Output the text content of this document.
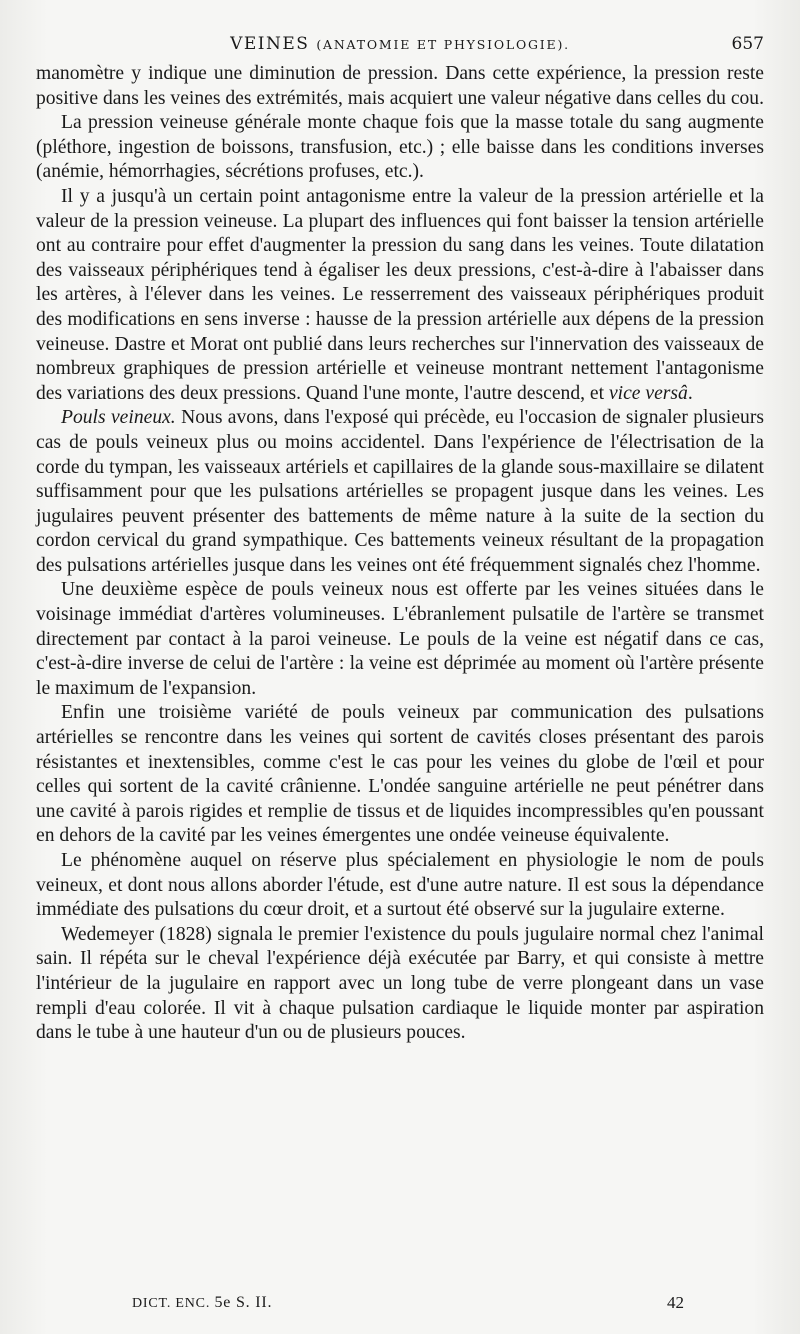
VEINES (ANATOMIE ET PHYSIOLOGIE).	657

manomètre y indique une diminution de pression. Dans cette expérience, la pression reste positive dans les veines des extrémités, mais acquiert une valeur négative dans celles du cou.

La pression veineuse générale monte chaque fois que la masse totale du sang augmente (pléthore, ingestion de boissons, transfusion, etc.) ; elle baisse dans les conditions inverses (anémie, hémorrhagies, sécrétions profuses, etc.).

Il y a jusqu'à un certain point antagonisme entre la valeur de la pression artérielle et la valeur de la pression veineuse. La plupart des influences qui font baisser la tension artérielle ont au contraire pour effet d'augmenter la pression du sang dans les veines. Toute dilatation des vaisseaux périphériques tend à égaliser les deux pressions, c'est-à-dire à l'abaisser dans les artères, à l'élever dans les veines. Le resserrement des vaisseaux périphériques produit des modifications en sens inverse : hausse de la pression artérielle aux dépens de la pression veineuse. Dastre et Morat ont publié dans leurs recherches sur l'innervation des vaisseaux de nombreux graphiques de pression artérielle et veineuse montrant nettement l'antagonisme des variations des deux pressions. Quand l'une monte, l'autre descend, et vice versâ.

Pouls veineux. Nous avons, dans l'exposé qui précède, eu l'occasion de signaler plusieurs cas de pouls veineux plus ou moins accidentel. Dans l'expérience de l'électrisation de la corde du tympan, les vaisseaux artériels et capillaires de la glande sous-maxillaire se dilatent suffisamment pour que les pulsations artérielles se propagent jusque dans les veines. Les jugulaires peuvent présenter des battements de même nature à la suite de la section du cordon cervical du grand sympathique. Ces battements veineux résultant de la propagation des pulsations artérielles jusque dans les veines ont été fréquemment signalés chez l'homme.

Une deuxième espèce de pouls veineux nous est offerte par les veines situées dans le voisinage immédiat d'artères volumineuses. L'ébranlement pulsatile de l'artère se transmet directement par contact à la paroi veineuse. Le pouls de la veine est négatif dans ce cas, c'est-à-dire inverse de celui de l'artère : la veine est déprimée au moment où l'artère présente le maximum de l'expansion.

Enfin une troisième variété de pouls veineux par communication des pulsations artérielles se rencontre dans les veines qui sortent de cavités closes présentant des parois résistantes et inextensibles, comme c'est le cas pour les veines du globe de l'œil et pour celles qui sortent de la cavité crânienne. L'ondée sanguine artérielle ne peut pénétrer dans une cavité à parois rigides et remplie de tissus et de liquides incompressibles qu'en poussant en dehors de la cavité par les veines émergentes une ondée veineuse équivalente.

Le phénomène auquel on réserve plus spécialement en physiologie le nom de pouls veineux, et dont nous allons aborder l'étude, est d'une autre nature. Il est sous la dépendance immédiate des pulsations du cœur droit, et a surtout été observé sur la jugulaire externe.

Wedemeyer (1828) signala le premier l'existence du pouls jugulaire normal chez l'animal sain. Il répéta sur le cheval l'expérience déjà exécutée par Barry, et qui consiste à mettre l'intérieur de la jugulaire en rapport avec un long tube de verre plongeant dans un vase rempli d'eau colorée. Il vit à chaque pulsation cardiaque le liquide monter par aspiration dans le tube à une hauteur d'un ou de plusieurs pouces.

DICT. ENC. 5e S. II.	42
